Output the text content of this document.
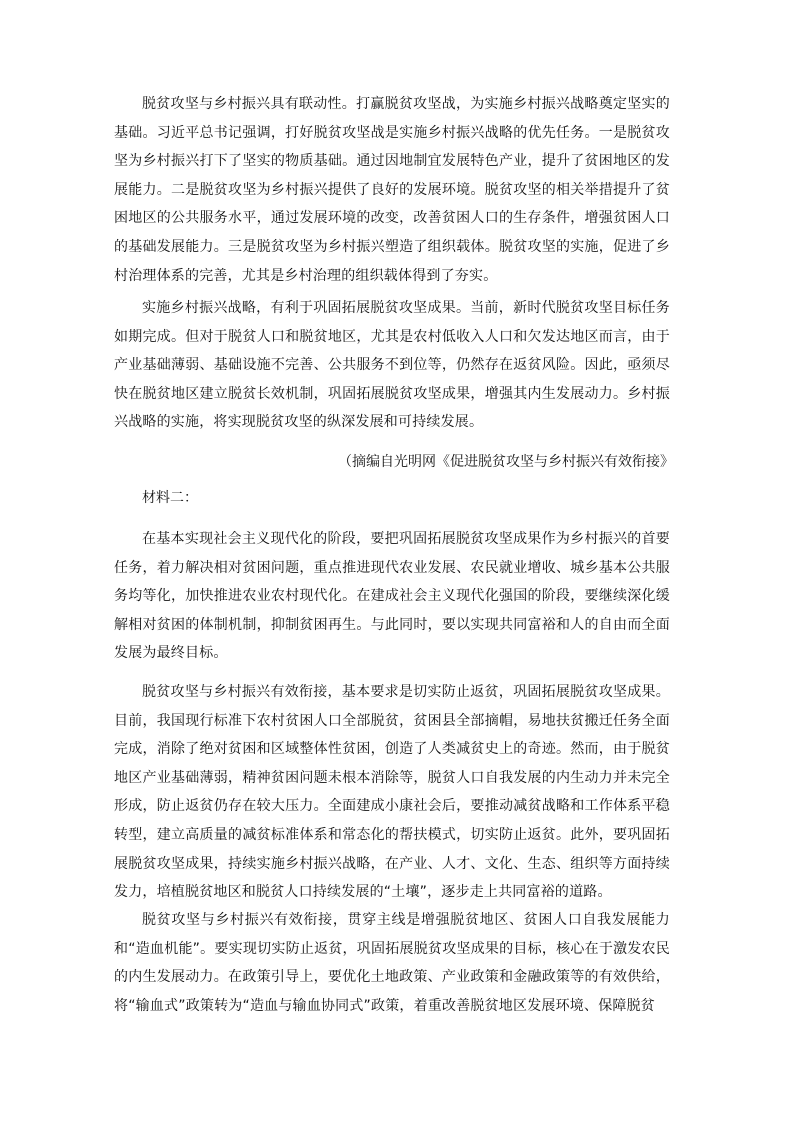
脱贫攻坚与乡村振兴具有联动性。打赢脱贫攻坚战，为实施乡村振兴战略奠定坚实的基础。习近平总书记强调，打好脱贫攻坚战是实施乡村振兴战略的优先任务。一是脱贫攻坚为乡村振兴打下了坚实的物质基础。通过因地制宜发展特色产业，提升了贫困地区的发展能力。二是脱贫攻坚为乡村振兴提供了良好的发展环境。脱贫攻坚的相关举措提升了贫困地区的公共服务水平，通过发展环境的改变，改善贫困人口的生存条件，增强贫困人口的基础发展能力。三是脱贫攻坚为乡村振兴塑造了组织载体。脱贫攻坚的实施，促进了乡村治理体系的完善，尤其是乡村治理的组织载体得到了夯实。

实施乡村振兴战略，有利于巩固拓展脱贫攻坚成果。当前，新时代脱贫攻坚目标任务如期完成。但对于脱贫人口和脱贫地区，尤其是农村低收入人口和欠发达地区而言，由于产业基础薄弱、基础设施不完善、公共服务不到位等，仍然存在返贫风险。因此，亟须尽快在脱贫地区建立脱贫长效机制，巩固拓展脱贫攻坚成果，增强其内生发展动力。乡村振兴战略的实施，将实现脱贫攻坚的纵深发展和可持续发展。

（摘编自光明网《促进脱贫攻坚与乡村振兴有效衔接》

材料二：

在基本实现社会主义现代化的阶段，要把巩固拓展脱贫攻坚成果作为乡村振兴的首要任务，着力解决相对贫困问题，重点推进现代农业发展、农民就业增收、城乡基本公共服务均等化，加快推进农业农村现代化。在建成社会主义现代化强国的阶段，要继续深化缓解相对贫困的体制机制，抑制贫困再生。与此同时，要以实现共同富裕和人的自由而全面发展为最终目标。

脱贫攻坚与乡村振兴有效衔接，基本要求是切实防止返贫，巩固拓展脱贫攻坚成果。目前，我国现行标准下农村贫困人口全部脱贫，贫困县全部摘帽，易地扶贫搬迁任务全面完成，消除了绝对贫困和区域整体性贫困，创造了人类减贫史上的奇迹。然而，由于脱贫地区产业基础薄弱，精神贫困问题未根本消除等，脱贫人口自我发展的内生动力并未完全形成，防止返贫仍存在较大压力。全面建成小康社会后，要推动减贫战略和工作体系平稳转型，建立高质量的减贫标准体系和常态化的帮扶模式，切实防止返贫。此外，要巩固拓展脱贫攻坚成果，持续实施乡村振兴战略，在产业、人才、文化、生态、组织等方面持续发力，培植脱贫地区和脱贫人口持续发展的“土壤”，逐步走上共同富裕的道路。

脱贫攻坚与乡村振兴有效衔接，贯穿主线是增强脱贫地区、贫困人口自我发展能力和“造血机能”。要实现切实防止返贫，巩固拓展脱贫攻坚成果的目标，核心在于激发农民的内生发展动力。在政策引导上，要优化土地政策、产业政策和金融政策等的有效供给，将“输血式”政策转为“造血与输血协同式”政策，着重改善脱贫地区发展环境、保障脱贫
